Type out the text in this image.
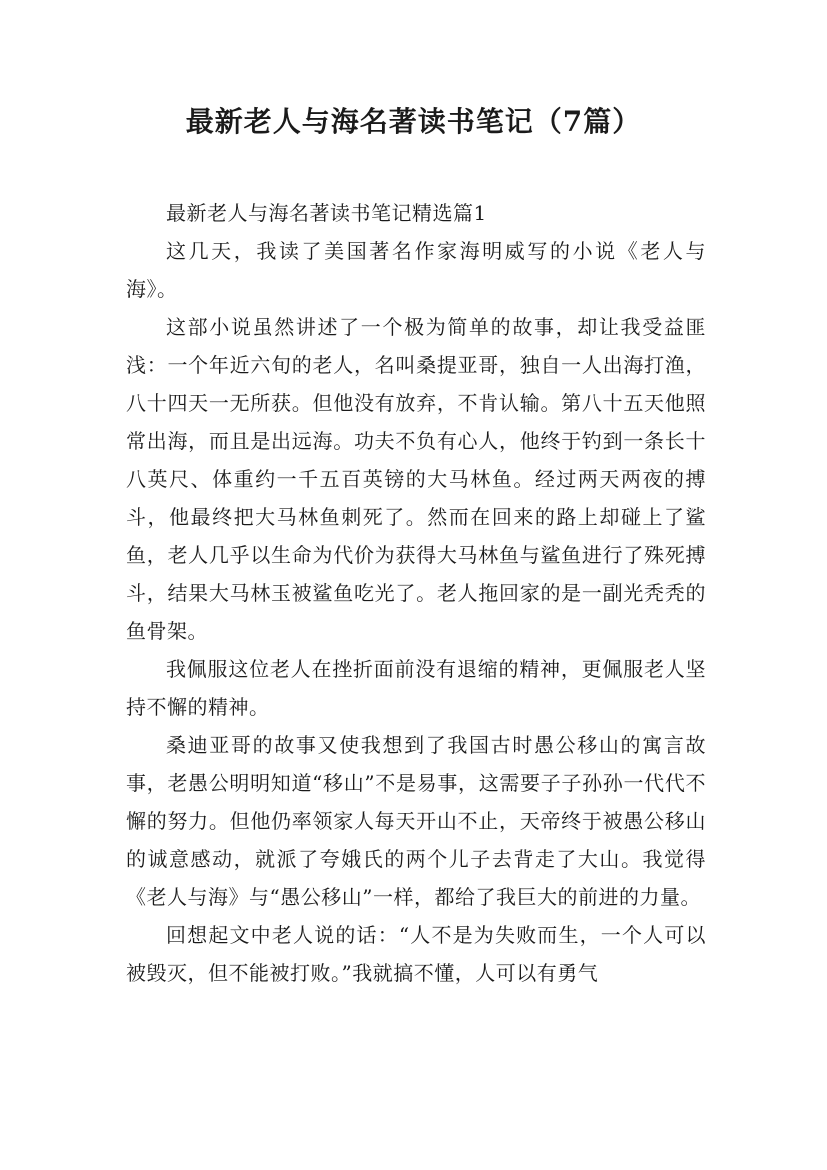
最新老人与海名著读书笔记（7篇）

最新老人与海名著读书笔记精选篇1

这几天，我读了美国著名作家海明威写的小说《老人与海》。

这部小说虽然讲述了一个极为简单的故事，却让我受益匪浅：一个年近六旬的老人，名叫桑提亚哥，独自一人出海打渔，八十四天一无所获。但他没有放弃，不肯认输。第八十五天他照常出海，而且是出远海。功夫不负有心人，他终于钓到一条长十八英尺、体重约一千五百英镑的大马林鱼。经过两天两夜的搏斗，他最终把大马林鱼刺死了。然而在回来的路上却碰上了鲨鱼，老人几乎以生命为代价为获得大马林鱼与鲨鱼进行了殊死搏斗，结果大马林玉被鲨鱼吃光了。老人拖回家的是一副光秃秃的鱼骨架。

我佩服这位老人在挫折面前没有退缩的精神，更佩服老人坚持不懈的精神。

桑迪亚哥的故事又使我想到了我国古时愚公移山的寓言故事，老愚公明明知道“移山”不是易事，这需要子子孙孙一代代不懈的努力。但他仍率领家人每天开山不止，天帝终于被愚公移山的诚意感动，就派了夸娥氏的两个儿子去背走了大山。我觉得《老人与海》与“愚公移山”一样，都给了我巨大的前进的力量。

回想起文中老人说的话：“人不是为失败而生，一个人可以被毁灭，但不能被打败。”我就搞不懂，人可以有勇气
